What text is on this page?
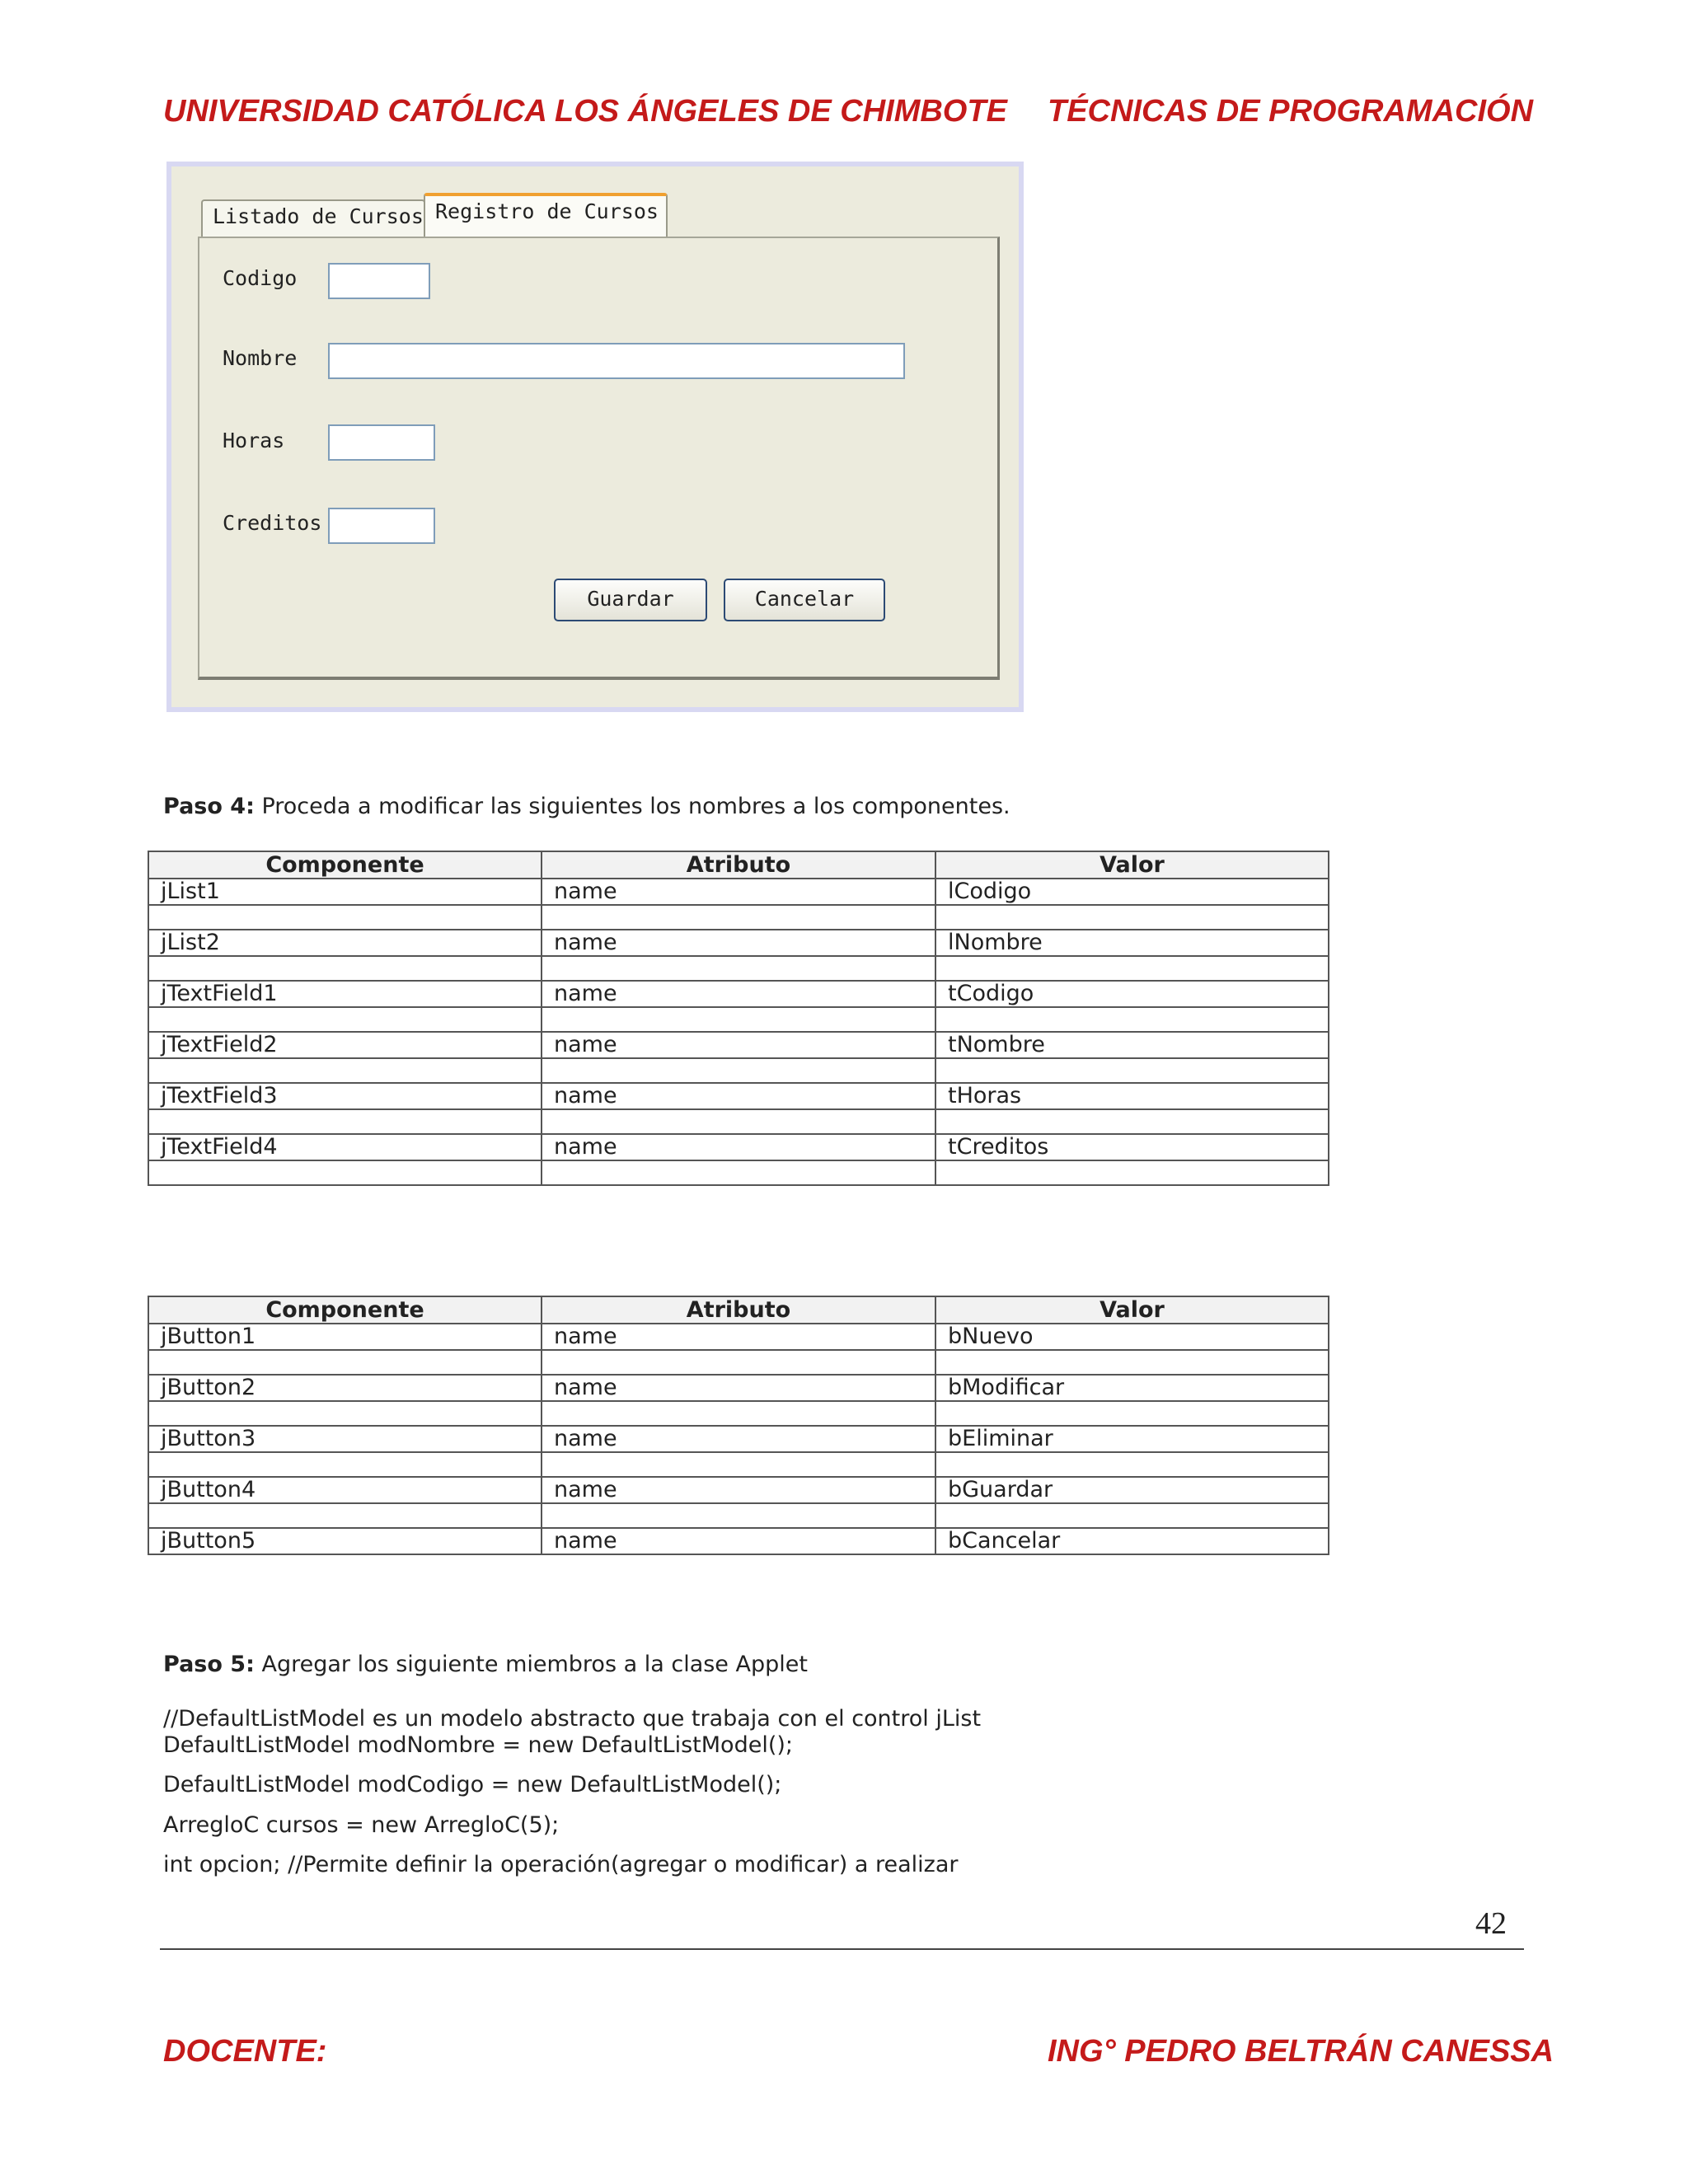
UNIVERSIDAD CATÓLICA LOS ÁNGELES DE CHIMBOTE TÉCNICAS DE PROGRAMACIÓN
Listado de Cursos Registro de Cursos
Codigo
Nombre
Horas
Creditos
Guardar	Cancelar
Paso 4: Proceda a modificar las siguientes los nombres a los componentes.
Componente	Atributo	Valor
jList1	name	lCodigo

jList2	name	lNombre

jTextField1	name	tCodigo

jTextField2	name	tNombre

jTextField3	name	tHoras

jTextField4	name	tCreditos

Componente	Atributo	Valor
jButton1	name	bNuevo

jButton2	name	bModificar

jButton3	name	bEliminar

jButton4	name	bGuardar

jButton5	name	bCancelar
Paso 5: Agregar los siguiente miembros a la clase Applet
//DefaultListModel es un modelo abstracto que trabaja con el control jList
DefaultListModel modNombre = new DefaultListModel();
DefaultListModel modCodigo = new DefaultListModel();
ArregloC cursos = new ArregloC(5);
int opcion; //Permite definir la operación(agregar o modificar) a realizar
42
DOCENTE:	ING° PEDRO BELTRÁN CANESSA
